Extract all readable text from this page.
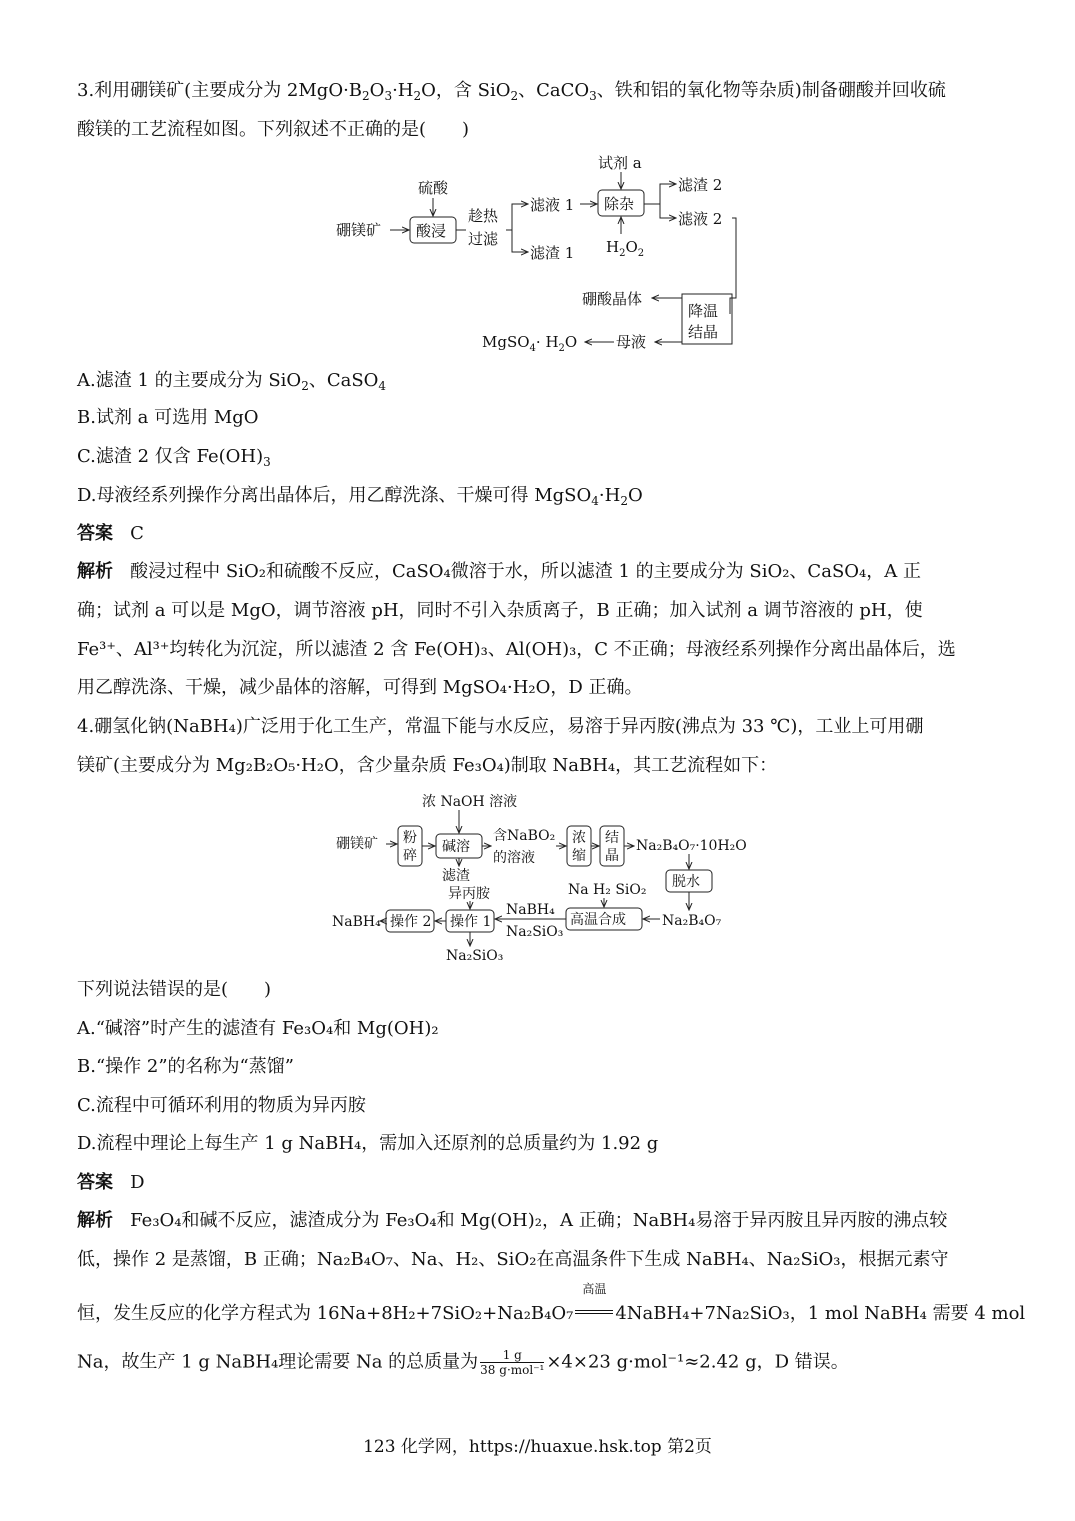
3.利用硼镁矿(主要成分为 $2MgO\cdot B_2O_3\cdot H_2O$，含 SiO$_2$、CaCO$_3$、铁和铝的氧化物等杂质)制备硼酸并回收硫
酸镁的工艺流程如图。下列叙述不正确的是(　　)
硫酸
硼镁矿 酸浸
趁热
过滤
滤液 1
滤渣 1
试剂 a
除杂
$H_2O_2$
滤渣 2
滤液 2
硼酸晶体
降温
结晶
母液
MgSO$_4$· $H_2O$
A.滤渣 1 的主要成分为 SiO$_2$、CaSO$_4$
B.试剂 a 可选用 MgO
C.滤渣 2 仅含 $Fe(OH)_3$
D.母液经系列操作分离出晶体后，用乙醇洗涤、干燥可得 $MgSO_4\cdot H_2O$
答案 C
解析 酸浸过程中 SiO₂和硫酸不反应，CaSO₄微溶于水，所以滤渣 1 的主要成分为 SiO₂、CaSO₄，A 正
确；试剂 a 可以是 MgO，调节溶液 pH，同时不引入杂质离子，B 正确；加入试剂 a 调节溶液的 pH，使
Fe³⁺、Al³⁺均转化为沉淀，所以滤渣 2 含 Fe(OH)₃、Al(OH)₃，C 不正确；母液经系列操作分离出晶体后，选
用乙醇洗涤、干燥，减少晶体的溶解，可得到 MgSO₄·H₂O，D 正确。
4.硼氢化钠(NaBH₄)广泛用于化工生产，常温下能与水反应，易溶于异丙胺(沸点为 33 ℃)，工业上可用硼
镁矿(主要成分为 Mg₂B₂O₅·H₂O，含少量杂质 Fe₃O₄)制取 NaBH₄，其工艺流程如下：
浓 NaOH 溶液
硼镁矿 粉
碎
碱溶
滤渣
含NaBO₂
的溶液
浓
缩
结
晶
Na₂B₄O₇·10H₂O
脱水
Na H₂ SiO₂
高温合成	Na₂B₄O₇
NaBH₄
Na₂SiO₃
异丙胺
操作 1
操作 2
NaBH₄
Na₂SiO₃
下列说法错误的是(　　)
A.“碱溶”时产生的滤渣有 Fe₃O₄和 Mg(OH)₂
B.“操作 2”的名称为“蒸馏”
C.流程中可循环利用的物质为异丙胺
D.流程中理论上每生产 1 g NaBH₄，需加入还原剂的总质量约为 1.92 g
答案 D
解析 Fe₃O₄和碱不反应，滤渣成分为 Fe₃O₄和 Mg(OH)₂，A 正确；NaBH₄易溶于异丙胺且异丙胺的沸点较
低，操作 2 是蒸馏，B 正确；Na₂B₄O₇、Na、H₂、SiO₂在高温条件下生成 NaBH₄、Na₂SiO₃，根据元素守
恒，发生反应的化学方程式为 16Na+8H₂+7SiO₂+Na₂B₄O₇
高温
4NaBH₄+7Na₂SiO₃，1 mol NaBH₄ 需要 4 mol
Na，故生产 1 g NaBH₄理论需要 Na 的总质量为	1 g
38 g·mol⁻¹ ×4×23 g·mol⁻¹≈2.42 g，D 错误。
123 化学网，https://huaxue.hsk.top 第2页
